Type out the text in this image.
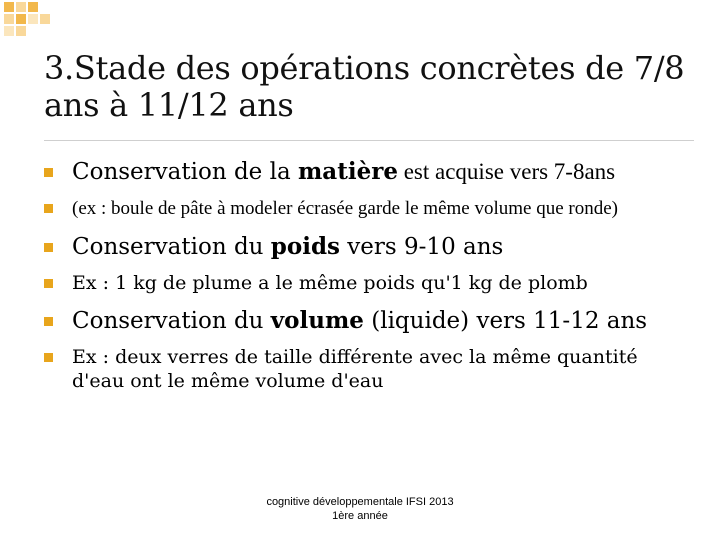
3.Stade des opérations concrètes de 7/8 ans à 11/12 ans
Conservation de la matière est acquise vers 7-8ans
(ex : boule de pâte à modeler écrasée garde le même volume que ronde)
Conservation du poids vers 9-10 ans
Ex : 1 kg de plume a le même poids qu'1 kg de plomb
Conservation du volume (liquide) vers 11-12 ans
Ex : deux verres de taille différente avec la même quantité d'eau ont le même volume d'eau
cognitive développementale IFSI 2013
1ère année
